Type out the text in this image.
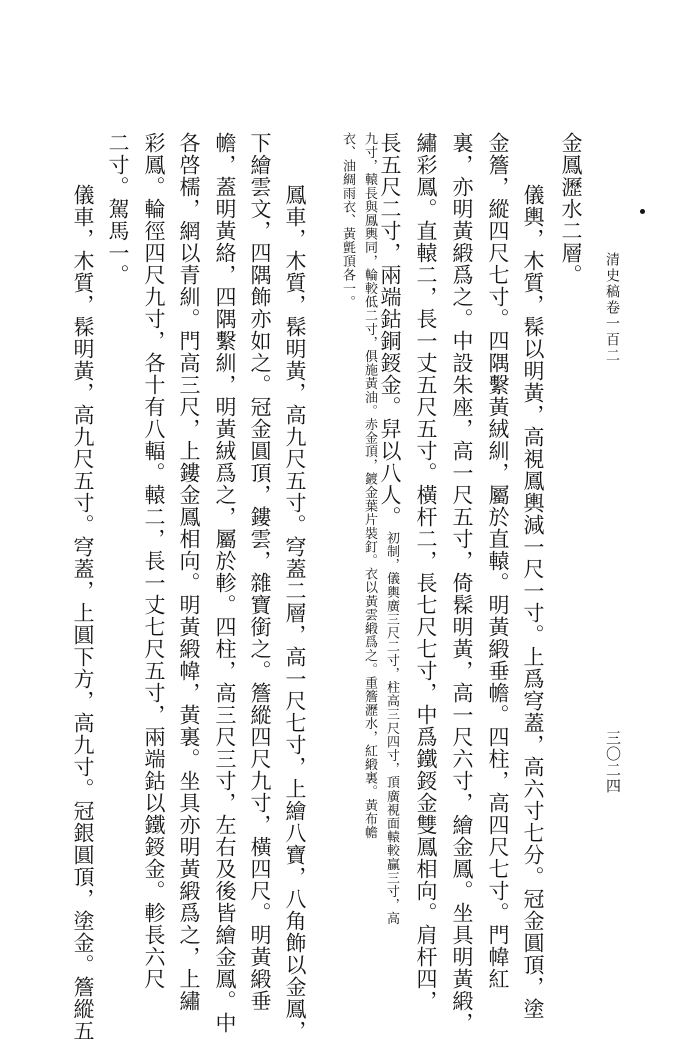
清史稿卷一百二
三〇二四
金鳳瀝水二層。
儀輿，木質，髹以明黃，高視鳳輿減一尺一寸。上爲穹蓋，高六寸七分。冠金圓頂，塗
金簷，縱四尺七寸。四隅繫黃絨紃，屬於直轅。明黃緞垂幨。四柱，高四尺七寸。門幃紅
裏，亦明黃緞爲之。中設朱座，高一尺五寸，倚髹明黃，高一尺六寸，繪金鳳。坐具明黃緞，
繡彩鳳。直轅二，長一丈五尺五寸。橫杆二，長七尺七寸，中爲鐵鋄金雙鳳相向。肩杆四，
長五尺二寸，兩端鈷銅鋄金。舁以八人。
初制，儀輿廣三尺二寸，柱高三尺四寸，頂廣視面轅較贏三寸，高
九寸，轅長與鳳輿同，輪較低二寸，俱施黃油。赤金頂，鍍金葉片裝釘。衣以黃雲緞爲之。重簷瀝水，紅緞裏。黃布幨
衣、油綢雨衣、黃氈頂各一。
鳳車，木質，髹明黃，高九尺五寸。穹蓋二層，高一尺七寸，上繪八寶，八角飾以金鳳，
下繪雲文，四隅飾亦如之。冠金圓頂，鏤雲，雜寶銜之。簷縱四尺九寸，橫四尺。明黃緞垂
幨，蓋明黃絡，四隅繫紃，明黃絨爲之，屬於軫。四柱，高三尺三寸，左右及後皆繪金鳳。中
各啓檽，網以青紃。門高三尺，上鏤金鳳相向。明黃緞幃，黃裏。坐具亦明黃緞爲之，上繡
彩鳳。輪徑四尺九寸，各十有八輻。轅二，長一丈七尺五寸，兩端鈷以鐵鋄金。軫長六尺
二寸。駕馬一。
儀車，木質，髹明黃，高九尺五寸。穹蓋，上圓下方，高九寸。冠銀圓頂，塗金。簷縱五
